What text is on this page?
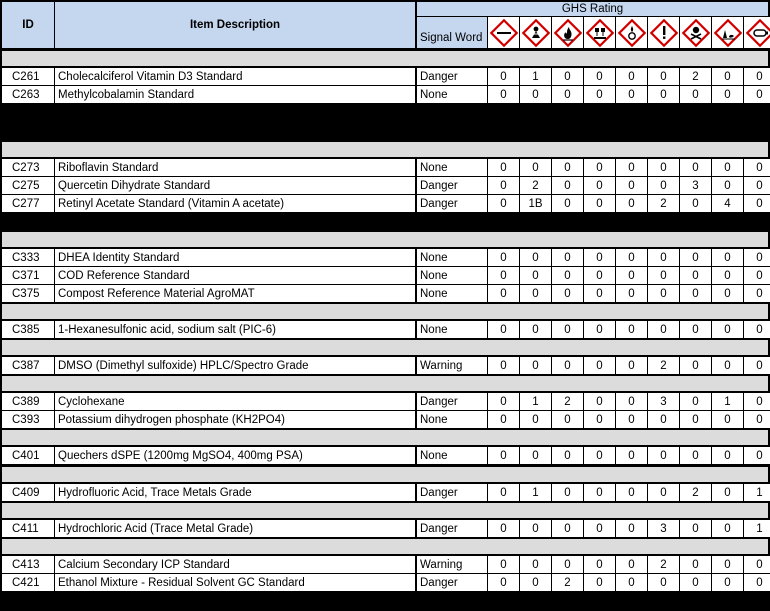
ID	Item Description
GHS Rating
Signal Word
C261	Cholecalciferol Vitamin D3 Standard	Danger	0	1	0	0	0	0	2	0	0
C263	Methylcobalamin Standard	None	0	0	0	0	0	0	0	0	0
C273	Riboflavin Standard	None	0	0	0	0	0	0	0	0	0
C275	Quercetin Dihydrate Standard	Danger	0	2	0	0	0	0	3	0	0
C277	Retinyl Acetate Standard (Vitamin A acetate)	Danger	0	1B	0	0	0	2	0	4	0
C333	DHEA Identity Standard	None	0	0	0	0	0	0	0	0	0
C371	COD Reference Standard	None	0	0	0	0	0	0	0	0	0
C375	Compost Reference Material AgroMAT	None	0	0	0	0	0	0	0	0	0
C385	1-Hexanesulfonic acid, sodium salt (PIC-6)	None	0	0	0	0	0	0	0	0	0
C387	DMSO (Dimethyl sulfoxide) HPLC/Spectro Grade	Warning	0	0	0	0	0	2	0	0	0
C389	Cyclohexane	Danger	0	1	2	0	0	3	0	1	0
C393	Potassium dihydrogen phosphate (KH2PO4)	None	0	0	0	0	0	0	0	0	0
C401	Quechers dSPE (1200mg MgSO4, 400mg PSA)	None	0	0	0	0	0	0	0	0	0
C409	Hydrofluoric Acid, Trace Metals Grade	Danger	0	1	0	0	0	0	2	0	1
C411	Hydrochloric Acid (Trace Metal Grade)	Danger	0	0	0	0	0	3	0	0	1
C413	Calcium Secondary ICP Standard	Warning	0	0	0	0	0	2	0	0	0
C421	Ethanol Mixture - Residual Solvent GC Standard	Danger	0	0	2	0	0	0	0	0	0
